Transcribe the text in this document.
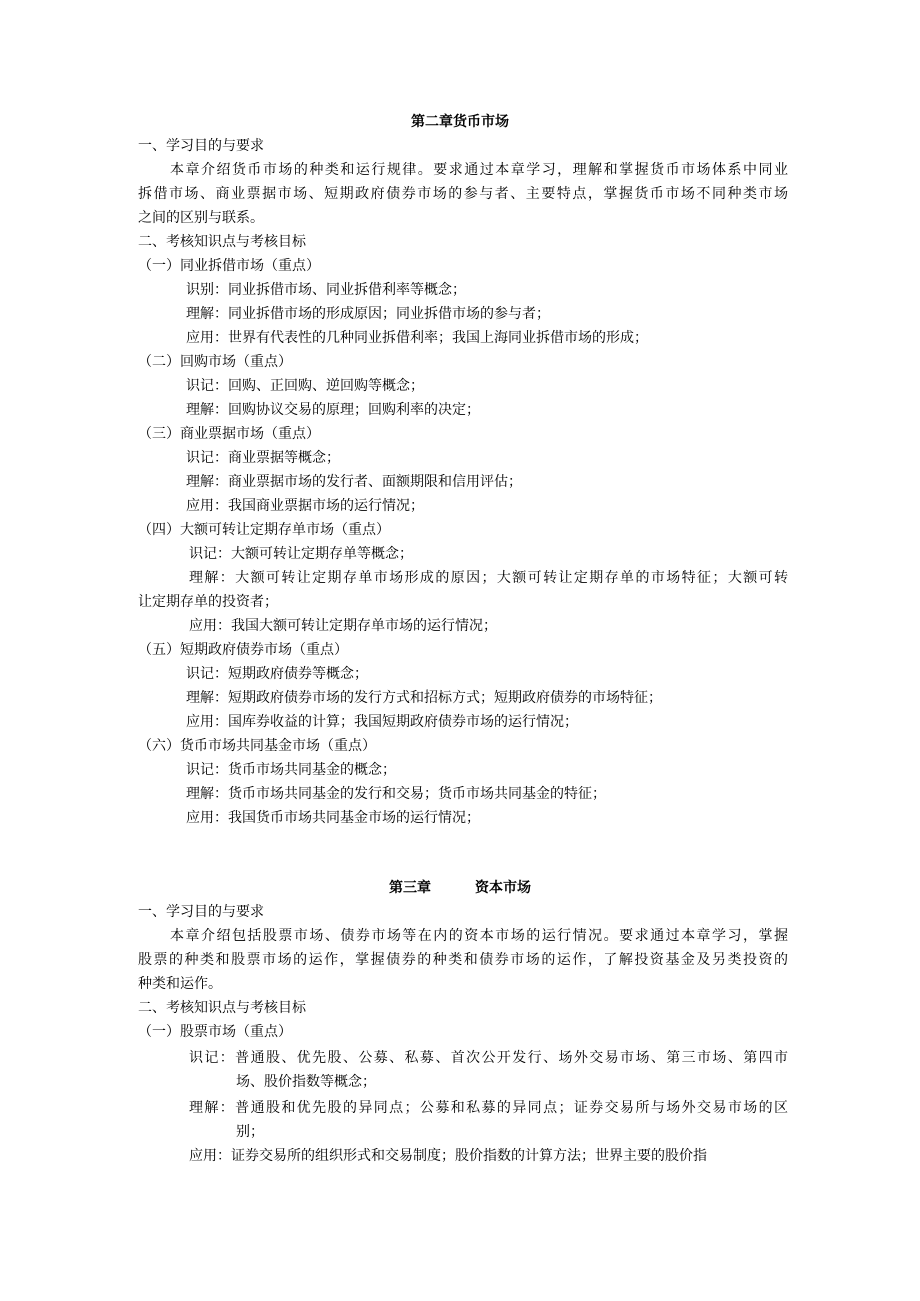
第二章货币市场
一、学习目的与要求
本章介绍货币市场的种类和运行规律。要求通过本章学习，理解和掌握货币市场体系中同业
拆借市场、商业票据市场、短期政府债券市场的参与者、主要特点，掌握货币市场不同种类市场
之间的区别与联系。
二、考核知识点与考核目标
（一）同业拆借市场（重点）
识别：同业拆借市场、同业拆借利率等概念；
理解：同业拆借市场的形成原因；同业拆借市场的参与者；
应用：世界有代表性的几种同业拆借利率；我国上海同业拆借市场的形成；
（二）回购市场（重点）
识记：回购、正回购、逆回购等概念；
理解：回购协议交易的原理；回购利率的决定；
（三）商业票据市场（重点）
识记：商业票据等概念；
理解：商业票据市场的发行者、面额期限和信用评估；
应用：我国商业票据市场的运行情况；
（四）大额可转让定期存单市场（重点）
识记：大额可转让定期存单等概念；
理解：大额可转让定期存单市场形成的原因；大额可转让定期存单的市场特征；大额可转
让定期存单的投资者；
应用：我国大额可转让定期存单市场的运行情况；
（五）短期政府债券市场（重点）
识记：短期政府债券等概念；
理解：短期政府债券市场的发行方式和招标方式；短期政府债券的市场特征；
应用：国库券收益的计算；我国短期政府债券市场的运行情况；
（六）货币市场共同基金市场（重点）
识记：货币市场共同基金的概念；
理解：货币市场共同基金的发行和交易；货币市场共同基金的特征；
应用：我国货币市场共同基金市场的运行情况；
第三章	资本市场
一、学习目的与要求
本章介绍包括股票市场、债券市场等在内的资本市场的运行情况。要求通过本章学习，掌握
股票的种类和股票市场的运作，掌握债券的种类和债券市场的运作，了解投资基金及另类投资的
种类和运作。
二、考核知识点与考核目标
（一）股票市场（重点）
识记：普通股、优先股、公募、私募、首次公开发行、场外交易市场、第三市场、第四市
场、股价指数等概念；
理解：普通股和优先股的异同点；公募和私募的异同点；证券交易所与场外交易市场的区
别；
应用：证券交易所的组织形式和交易制度；股价指数的计算方法；世界主要的股价指
